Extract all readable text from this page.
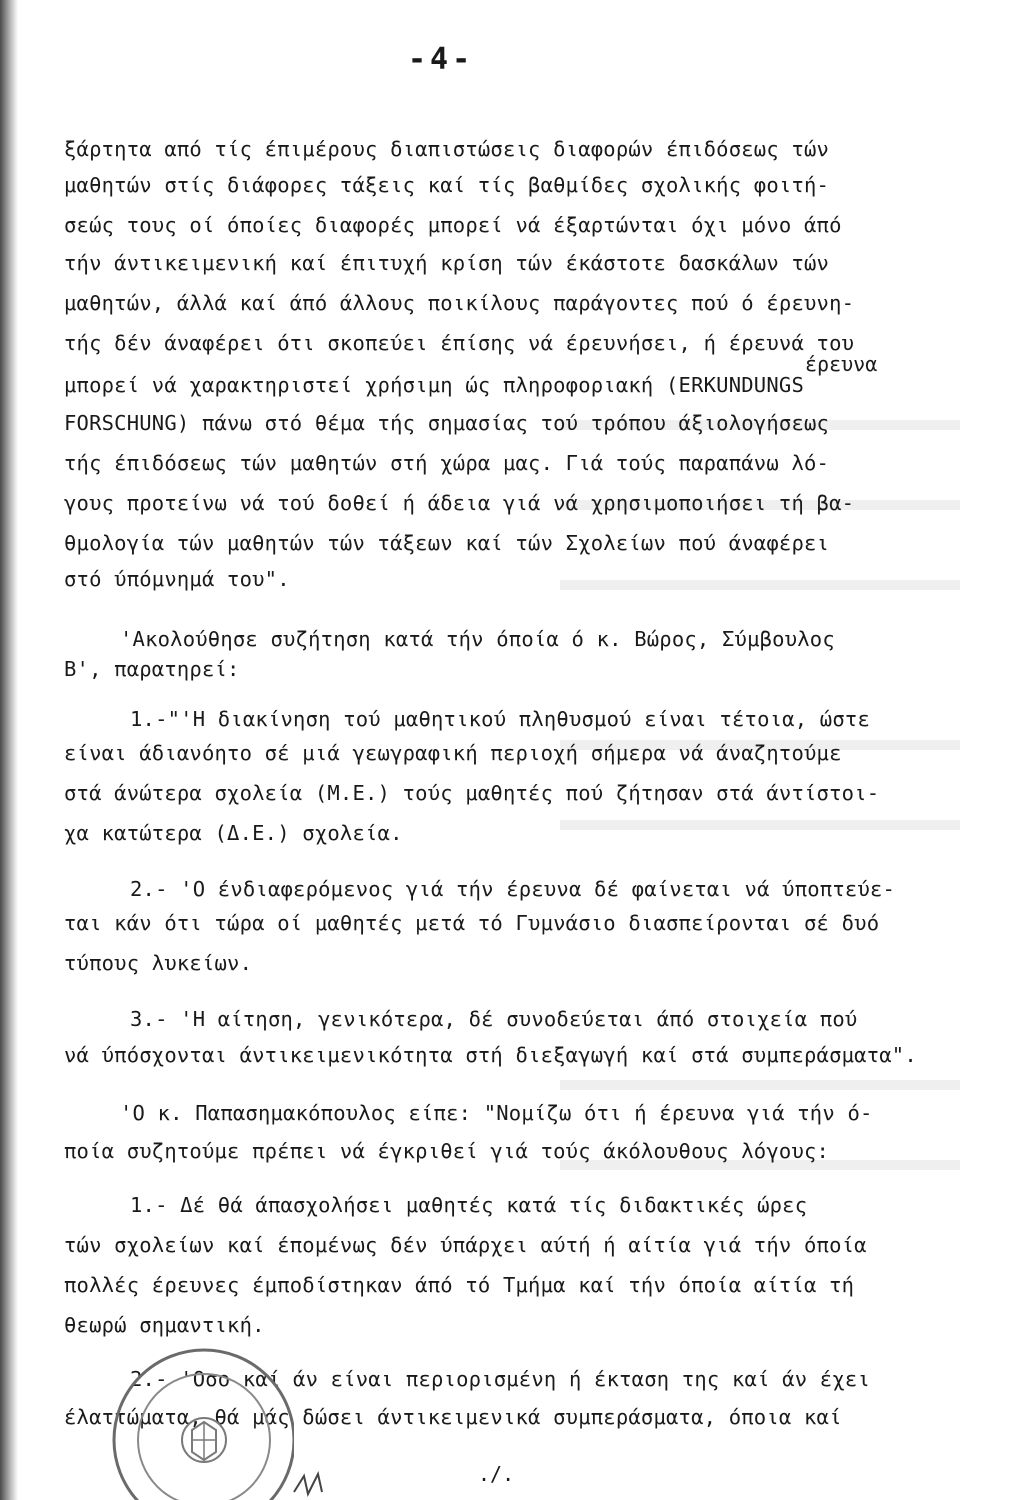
-4-
ξάρτητα από τίς έπιμέρους διαπιστώσεις διαφορών έπιδόσεως τών
μαθητών στίς διάφορες τάξεις καί τίς βαθμίδες σχολικής φοιτή-
σεώς τους οί όποίες διαφορές μπορεί νά έξαρτώνται όχι μόνο άπό
τήν άντικειμενική καί έπιτυχή κρίση τών έκάστοτε δασκάλων τών
μαθητών, άλλά καί άπό άλλους ποικίλους παράγοντες πού ό έρευνη-
τής δέν άναφέρει ότι σκοπεύει έπίσης νά έρευνήσει, ή έρευνά του
έρευνα
μπορεί νά χαρακτηριστεί χρήσιμη ώς πληροφοριακή (ERKUNDUNGS
FORSCHUNG) πάνω στό θέμα τής σημασίας τού τρόπου άξιολογήσεως
τής έπιδόσεως τών μαθητών στή χώρα μας. Γιά τούς παραπάνω λό-
γους προτείνω νά τού δοθεί ή άδεια γιά νά χρησιμοποιήσει τή βα-
θμολογία τών μαθητών τών τάξεων καί τών Σχολείων πού άναφέρει
στό ύπόμνημά του".
'Ακολούθησε συζήτηση κατά τήν όποία ό κ. Βώρος, Σύμβουλος
Β', παρατηρεί:
1.-"'Η διακίνηση τού μαθητικού πληθυσμού είναι τέτοια, ώστε
είναι άδιανόητο σέ μιά γεωγραφική περιοχή σήμερα νά άναζητούμε
στά άνώτερα σχολεία (Μ.Ε.) τούς μαθητές πού ζήτησαν στά άντίστοι-
χα κατώτερα (Δ.Ε.) σχολεία.
2.- 'Ο ένδιαφερόμενος γιά τήν έρευνα δέ φαίνεται νά ύποπτεύε-
ται κάν ότι τώρα οί μαθητές μετά τό Γυμνάσιο διασπείρονται σέ δυό
τύπους λυκείων.
3.- 'Η αίτηση, γενικότερα, δέ συνοδεύεται άπό στοιχεία πού
νά ύπόσχονται άντικειμενικότητα στή διεξαγωγή καί στά συμπεράσματα".
'Ο κ. Παπασημακόπουλος είπε: "Νομίζω ότι ή έρευνα γιά τήν ό-
ποία συζητούμε πρέπει νά έγκριθεί γιά τούς άκόλουθους λόγους:
1.- Δέ θά άπασχολήσει μαθητές κατά τίς διδακτικές ώρες
τών σχολείων καί έπομένως δέν ύπάρχει αύτή ή αίτία γιά τήν όποία
πολλές έρευνες έμποδίστηκαν άπό τό Τμήμα καί τήν όποία αίτία τή
θεωρώ σημαντική.
2.- 'Οσο καί άν είναι περιορισμένη ή έκταση της καί άν έχει
έλαττώματα, θά μάς δώσει άντικειμενικά συμπεράσματα, όποια καί
./.
